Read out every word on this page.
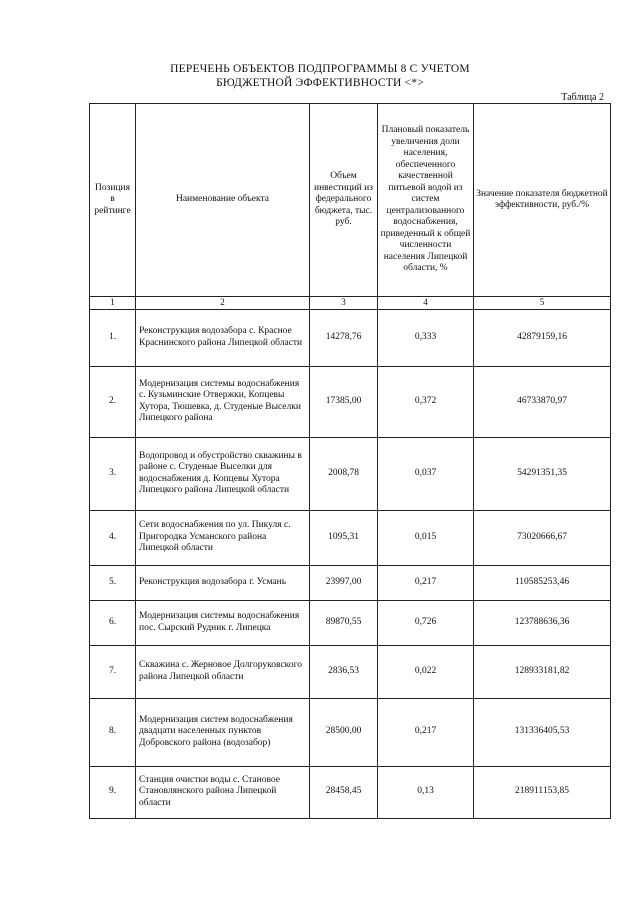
ПЕРЕЧЕНЬ ОБЪЕКТОВ ПОДПРОГРАММЫ 8 С УЧЕТОМ
БЮДЖЕТНОЙ ЭФФЕКТИВНОСТИ <*>
Таблица 2
Позиция в рейтинге	Наименование объекта	Объем инвестиций из федерального бюджета, тыс. руб.	Плановый показатель увеличения доли населения, обеспеченного качественной питьевой водой из систем централизованного водоснабжения, приведенный к общей численности населения Липецкой области, %	Значение показателя бюджетной эффективности, руб./%
1	2	3	4	5
1.	Реконструкция водозабора с. Красное Краснинского района Липецкой области	14278,76	0,333	42879159,16
2.	Модернизация системы водоснабжения с. Кузьминские Отвержки, Копцевы Хутора, Тюшевка, д. Студеные Выселки Липецкого района	17385,00	0,372	46733870,97
3.	Водопровод и обустройство скважины в районе с. Студеные Выселки для водоснабжения д. Копцевы Хутора Липецкого района Липецкой области	2008,78	0,037	54291351,35
4.	Сети водоснабжения по ул. Пикуля с. Пригородка Усманского района Липецкой области	1095,31	0,015	73020666,67
5.	Реконструкция водозабора г. Усмань	23997,00	0,217	110585253,46
6.	Модернизация системы водоснабжения пос. Сырский Рудник г. Липецка	89870,55	0,726	123788636,36
7.	Скважина с. Жерновое Долгоруковского района Липецкой области	2836,53	0,022	128933181,82
8.	Модернизация систем водоснабжения двадцати населенных пунктов Добровского района (водозабор)	28500,00	0,217	131336405,53
9.	Станция очистки воды с. Становое Становлянского района Липецкой области	28458,45	0,13	218911153,85
